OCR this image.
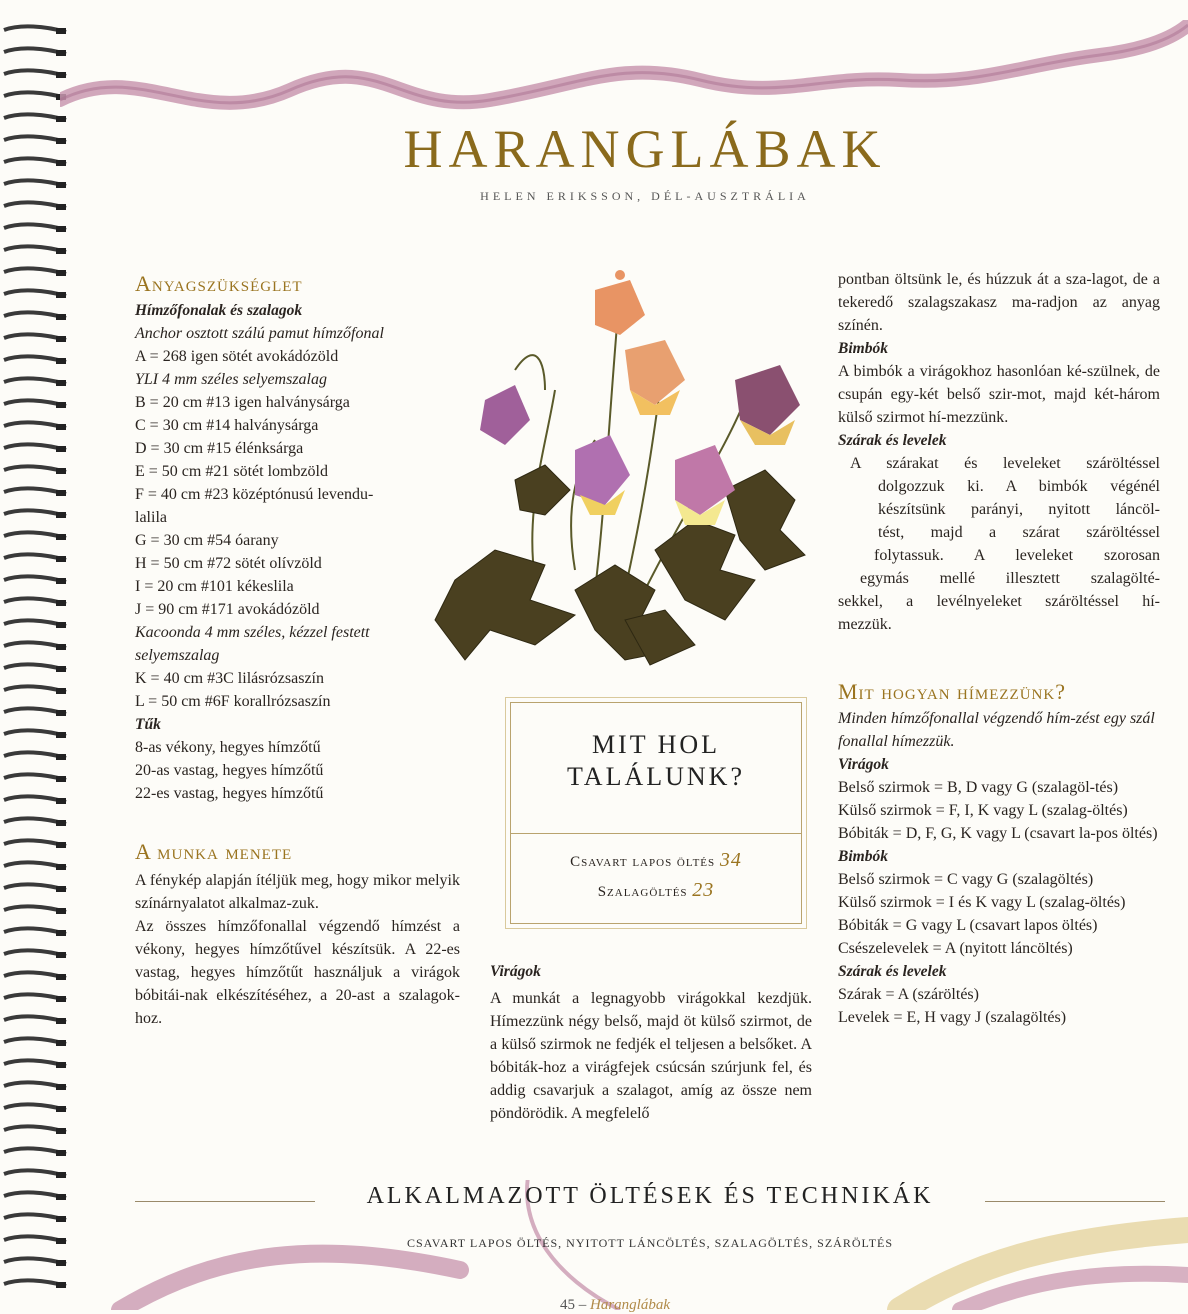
HARANGLÁBAK
HELEN ERIKSSON, DÉL-AUSZTRÁLIA
Anyagszükséglet

Hímzőfonalak és szalagok

Anchor osztott szálú pamut hímzőfonal

A = 268 igen sötét avokádózöld

YLI 4 mm széles selyemszalag

B = 20 cm #13 igen halványsárga

C = 30 cm #14 halványsárga

D = 30 cm #15 élénksárga

E = 50 cm #21 sötét lombzöld

F = 40 cm #23 középtónusú levendu-

lalila

G = 30 cm #54 óarany

H = 50 cm #72 sötét olívzöld

I = 20 cm #101 kékeslila

J = 90 cm #171 avokádózöld

Kacoonda 4 mm széles, kézzel festett

selyemszalag

K = 40 cm #3C lilásrózsaszín

L = 50 cm #6F korallrózsaszín

Tűk

8-as vékony, hegyes hímzőtű

20-as vastag, hegyes hímzőtű

22-es vastag, hegyes hímzőtű

A munka menete

A fénykép alapján ítéljük meg, hogy mikor melyik színárnyalatot alkalmaz-zuk.

Az összes hímzőfonallal végzendő hímzést a vékony, hegyes hímzőtűvel készítsük. A 22-es vastag, hegyes hímzőtűt használjuk a virágok bóbitái-nak elkészítéséhez, a 20-ast a szalagok-hoz.

MIT HOL
TALÁLUNK?
Csavart lapos öltés 34
Szalagöltés 23

Virágok

A munkát a legnagyobb virágokkal kezdjük. Hímezzünk négy belső, majd öt külső szirmot, de a külső szirmok ne fedjék el teljesen a belsőket. A bóbiták-hoz a virágfejek csúcsán szúrjunk fel, és addig csavarjuk a szalagot, amíg az össze nem pöndörödik. A megfelelő

pontban öltsünk le, és húzzuk át a sza-lagot, de a tekeredő szalagszakasz ma-radjon az anyag színén.

Bimbók

A bimbók a virágokhoz hasonlóan ké-szülnek, de csupán egy-két belső szir-mot, majd két-három külső szirmot hí-mezzünk.

Szárak és levelek

A szárakat és leveleket száröltéssel

dolgozzuk ki. A bimbók végénél

készítsünk parányi, nyitott láncöl-

tést, majd a szárat száröltéssel

folytassuk. A leveleket szorosan

egymás mellé illesztett szalagölté-

sekkel, a levélnyeleket száröltéssel hí-

mezzük.

Mit hogyan hímezzünk?

Minden hímzőfonallal végzendő hím-zést egy szál fonallal hímezzük.

Virágok

Belső szirmok = B, D vagy G (szalagöl-tés)

Külső szirmok = F, I, K vagy L (szalag-öltés)

Bóbiták = D, F, G, K vagy L (csavart la-pos öltés)

Bimbók

Belső szirmok = C vagy G (szalagöltés)

Külső szirmok = I és K vagy L (szalag-öltés)

Bóbiták = G vagy L (csavart lapos öltés)

Csészelevelek = A (nyitott láncöltés)

Szárak és levelek

Szárak = A (száröltés)

Levelek = E, H vagy J (szalagöltés)

ALKALMAZOTT ÖLTÉSEK ÉS TECHNIKÁK
CSAVART LAPOS ÖLTÉS, NYITOTT LÁNCÖLTÉS, SZALAGÖLTÉS, SZÁRÖLTÉS
45 – Haranglábak
